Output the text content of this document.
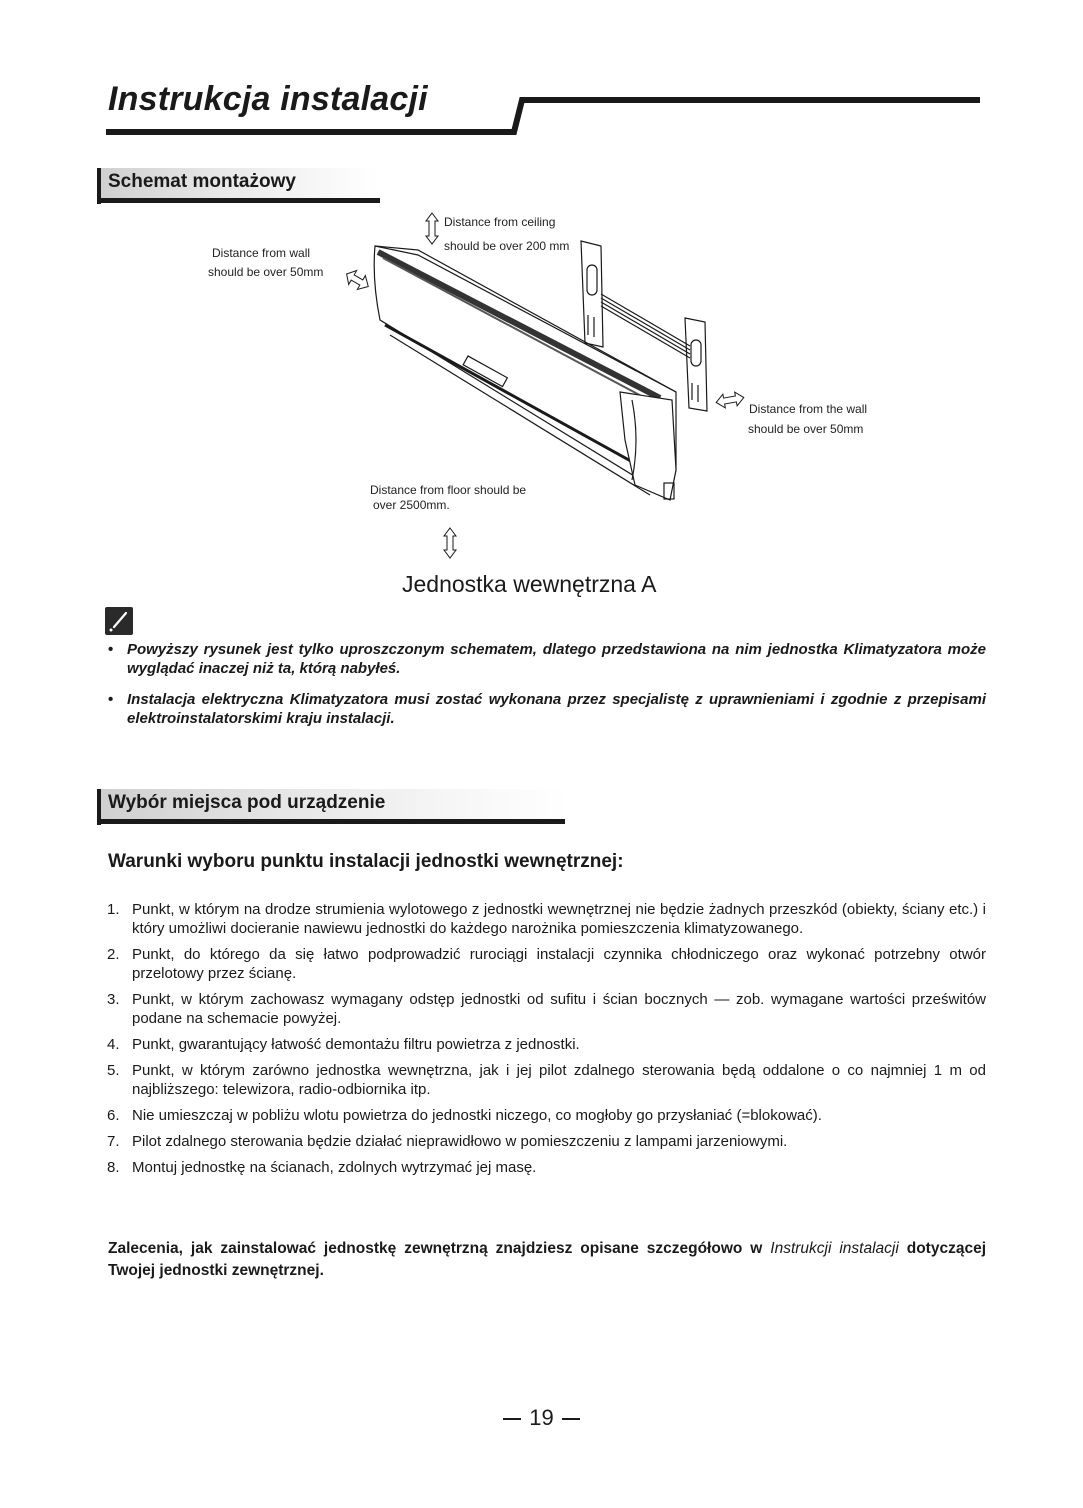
Instrukcja instalacji
Schemat montażowy
Distance from ceiling
should be over 200 mm
Distance from wall
should be over 50mm
Distance from the wall
should be over 50mm
Distance from floor should be
over 2500mm.
Jednostka wewnętrzna A
• Powyższy rysunek jest tylko uproszczonym schematem, dlatego przedstawiona na nim jednostka Klimatyzatora może wyglądać inaczej niż ta, którą nabyłeś.
• Instalacja elektryczna Klimatyzatora musi zostać wykonana przez specjalistę z uprawnieniami i zgodnie z przepisami elektroinstalatorskimi kraju instalacji.
Wybór miejsca pod urządzenie
Warunki wyboru punktu instalacji jednostki wewnętrznej:
1. Punkt, w którym na drodze strumienia wylotowego z jednostki wewnętrznej nie będzie żadnych przeszkód (obiekty, ściany etc.) i który umożliwi docieranie nawiewu jednostki do każdego narożnika pomieszczenia klimatyzowanego.
2. Punkt, do którego da się łatwo podprowadzić rurociągi instalacji czynnika chłodniczego oraz wykonać potrzebny otwór przelotowy przez ścianę.
3. Punkt, w którym zachowasz wymagany odstęp jednostki od sufitu i ścian bocznych — zob. wymagane wartości prześwitów podane na schemacie powyżej.
4. Punkt, gwarantujący łatwość demontażu filtru powietrza z jednostki.
5. Punkt, w którym zarówno jednostka wewnętrzna, jak i jej pilot zdalnego sterowania będą oddalone o co najmniej 1 m od najbliższego: telewizora, radio-odbiornika itp.
6. Nie umieszczaj w pobliżu wlotu powietrza do jednostki niczego, co mogłoby go przysłaniać (=blokować).
7. Pilot zdalnego sterowania będzie działać nieprawidłowo w pomieszczeniu z lampami jarzeniowymi.
8. Montuj jednostkę na ścianach, zdolnych wytrzymać jej masę.
Zalecenia, jak zainstalować jednostkę zewnętrzną znajdziesz opisane szczegółowo w Instrukcji instalacji dotyczącej Twojej jednostki zewnętrznej.
19
